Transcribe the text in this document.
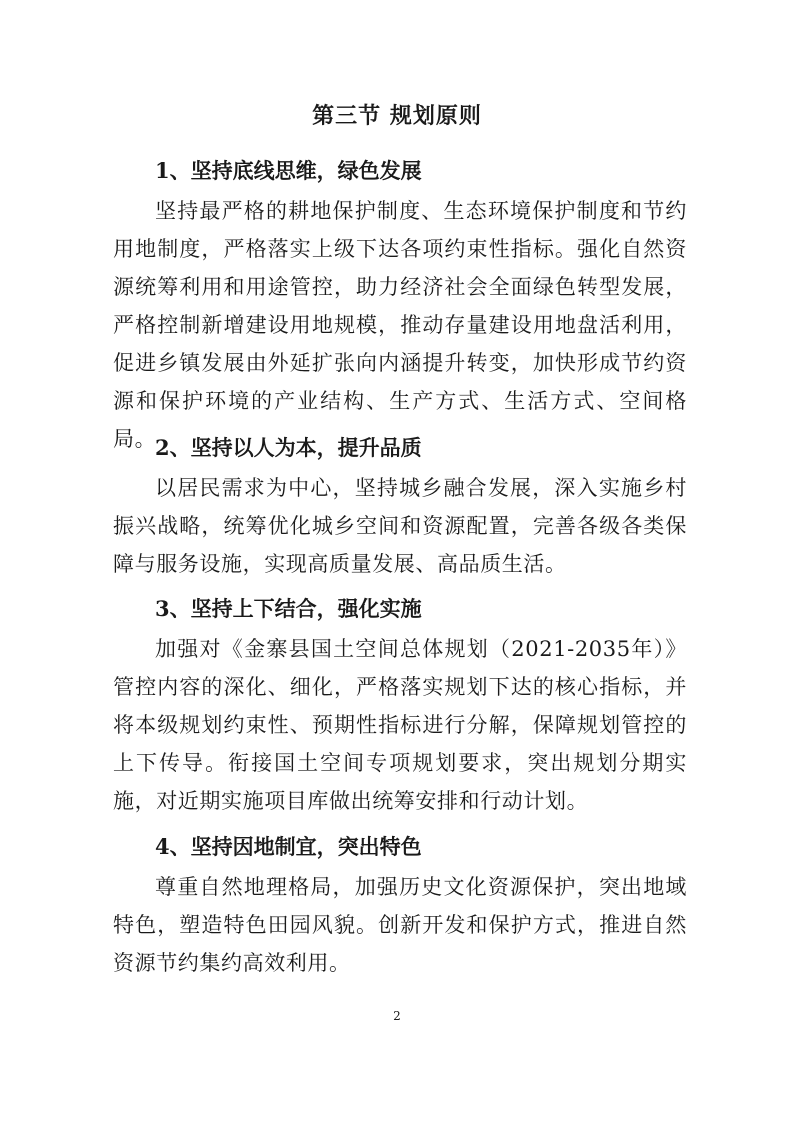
第三节 规划原则
1、坚持底线思维，绿色发展

坚持最严格的耕地保护制度、生态环境保护制度和节约用地制度，严格落实上级下达各项约束性指标。强化自然资源统筹利用和用途管控，助力经济社会全面绿色转型发展，严格控制新增建设用地规模，推动存量建设用地盘活利用，促进乡镇发展由外延扩张向内涵提升转变，加快形成节约资源和保护环境的产业结构、生产方式、生活方式、空间格局。

2、坚持以人为本，提升品质

以居民需求为中心，坚持城乡融合发展，深入实施乡村振兴战略，统筹优化城乡空间和资源配置，完善各级各类保障与服务设施，实现高质量发展、高品质生活。

3、坚持上下结合，强化实施

加强对《金寨县国土空间总体规划（2021-2035年）》管控内容的深化、细化，严格落实规划下达的核心指标，并将本级规划约束性、预期性指标进行分解，保障规划管控的上下传导。衔接国土空间专项规划要求，突出规划分期实施，对近期实施项目库做出统筹安排和行动计划。

4、坚持因地制宜，突出特色

尊重自然地理格局，加强历史文化资源保护，突出地域特色，塑造特色田园风貌。创新开发和保护方式，推进自然资源节约集约高效利用。

2
